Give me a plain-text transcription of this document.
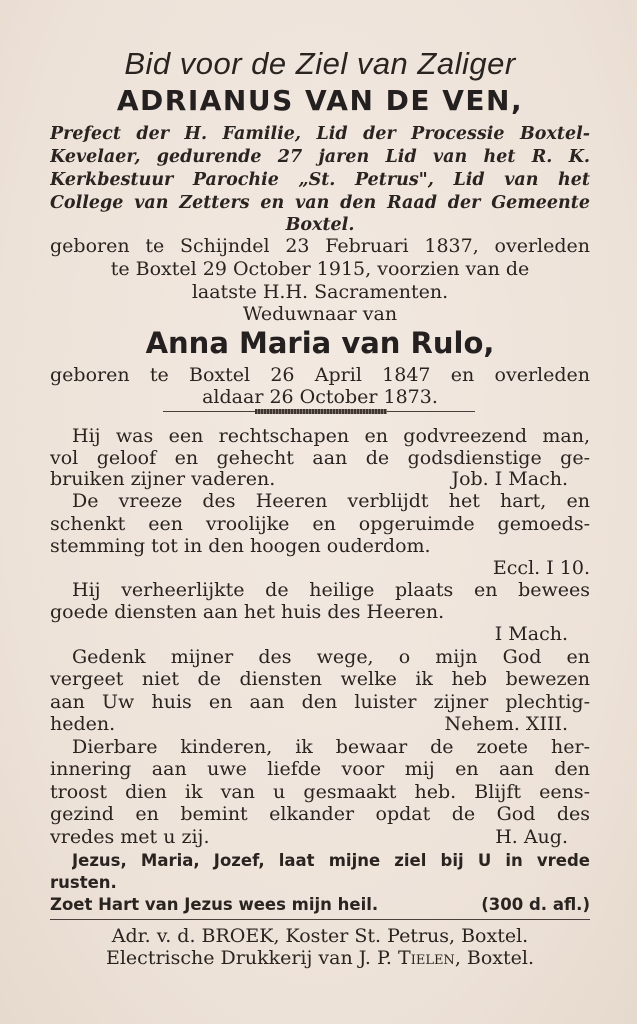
Bid voor de Ziel van Zaliger
ADRIANUS VAN DE VEN,
Prefect der H. Familie, Lid der Processie Boxtel-
Kevelaer, gedurende 27 jaren Lid van het R. K.
Kerkbestuur Parochie „St. Petrus", Lid van het
College van Zetters en van den Raad der Gemeente
Boxtel.
geboren te Schijndel 23 Februari 1837, overleden
te Boxtel 29 October 1915, voorzien van de
laatste H.H. Sacramenten.
Weduwnaar van
Anna Maria van Rulo,
geboren te Boxtel 26 April 1847 en overleden
aldaar 26 October 1873.
Hij was een rechtschapen en godvreezend man,
vol geloof en gehecht aan de godsdienstige ge-
bruiken zijner vaderen.	Job. I Mach.
De vreeze des Heeren verblijdt het hart, en
schenkt een vroolijke en opgeruimde gemoeds-
stemming tot in den hoogen ouderdom.
Eccl. I 10.
Hij verheerlijkte de heilige plaats en bewees
goede diensten aan het huis des Heeren.
I Mach.
Gedenk mijner des wege, o mijn God en
vergeet niet de diensten welke ik heb bewezen
aan Uw huis en aan den luister zijner plechtig-
heden.	Nehem. XIII.
Dierbare kinderen, ik bewaar de zoete her-
innering aan uwe liefde voor mij en aan den
troost dien ik van u gesmaakt heb. Blijft eens-
gezind en bemint elkander opdat de God des
vredes met u zij.	H. Aug.
Jezus, Maria, Jozef, laat mijne ziel bij U in vrede
rusten.
Zoet Hart van Jezus wees mijn heil.	(300 d. afl.)
Adr. v. d. BROEK, Koster St. Petrus, Boxtel.
Electrische Drukkerij van J. P. Tielen, Boxtel.
